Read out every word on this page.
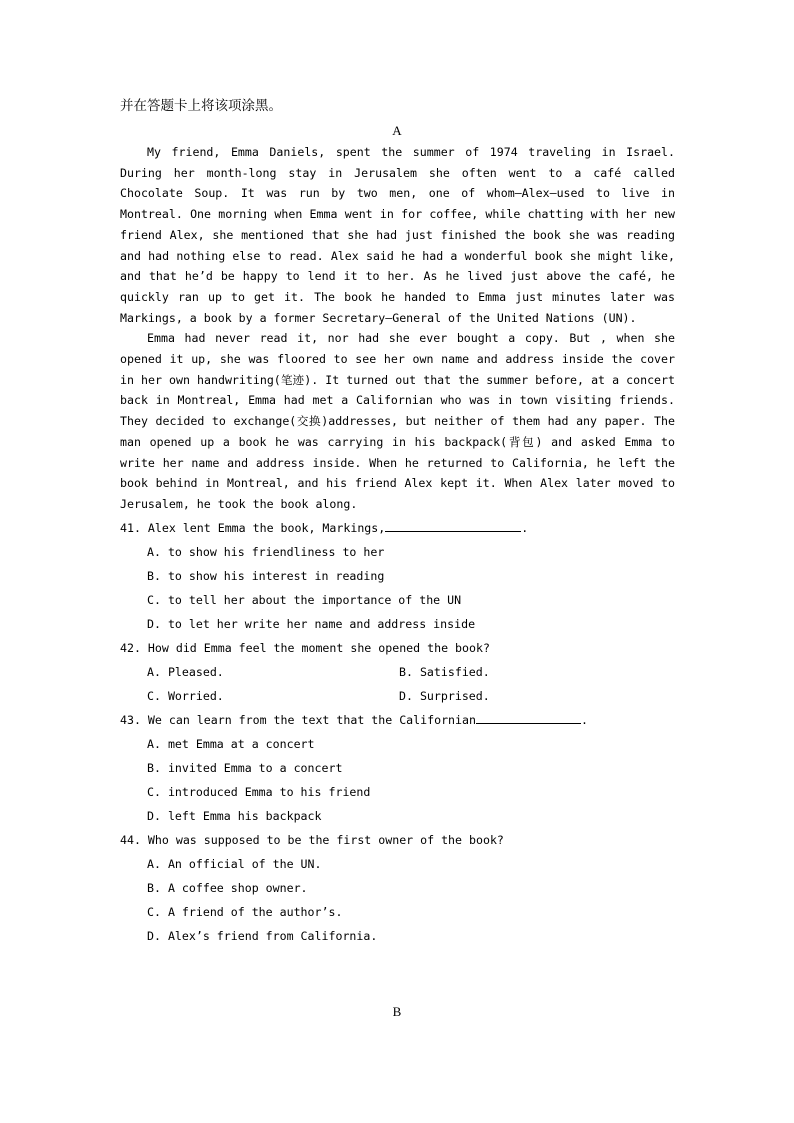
并在答题卡上将该项涂黑。
A

My friend, Emma Daniels, spent the summer of 1974 traveling in Israel. During her month-long stay in Jerusalem she often went to a café called Chocolate Soup. It was run by two men, one of whom—Alex—used to live in Montreal. One morning when Emma went in for coffee, while chatting with her new friend Alex, she mentioned that she had just finished the book she was reading and had nothing else to read. Alex said he had a wonderful book she might like, and that he’d be happy to lend it to her. As he lived just above the café, he quickly ran up to get it. The book he handed to Emma just minutes later was Markings, a book by a former Secretary—General of the United Nations (UN).

Emma had never read it, nor had she ever bought a copy. But , when she opened it up, she was floored to see her own name and address inside the cover in her own handwriting(笔迹). It turned out that the summer before, at a concert back in Montreal, Emma had met a Californian who was in town visiting friends. They decided to exchange(交换)addresses, but neither of them had any paper. The man opened up a book he was carrying in his backpack(背包) and asked Emma to write her name and address inside. When he returned to California, he left the book behind in Montreal, and his friend Alex kept it. When Alex later moved to Jerusalem, he took the book along.

41. Alex lent Emma the book, Markings,	.
A. to show his friendliness to her
B. to show his interest in reading
C. to tell her about the importance of the UN
D. to let her write her name and address inside
42. How did Emma feel the moment she opened the book?
A. Pleased.	B. Satisfied.
C. Worried.	D. Surprised.
43. We can learn from the text that the Californian	.
A. met Emma at a concert
B. invited Emma to a concert
C. introduced Emma to his friend
D. left Emma his backpack
44. Who was supposed to be the first owner of the book?
A. An official of the UN.
B. A coffee shop owner.
C. A friend of the author’s.
D. Alex’s friend from California.
B
